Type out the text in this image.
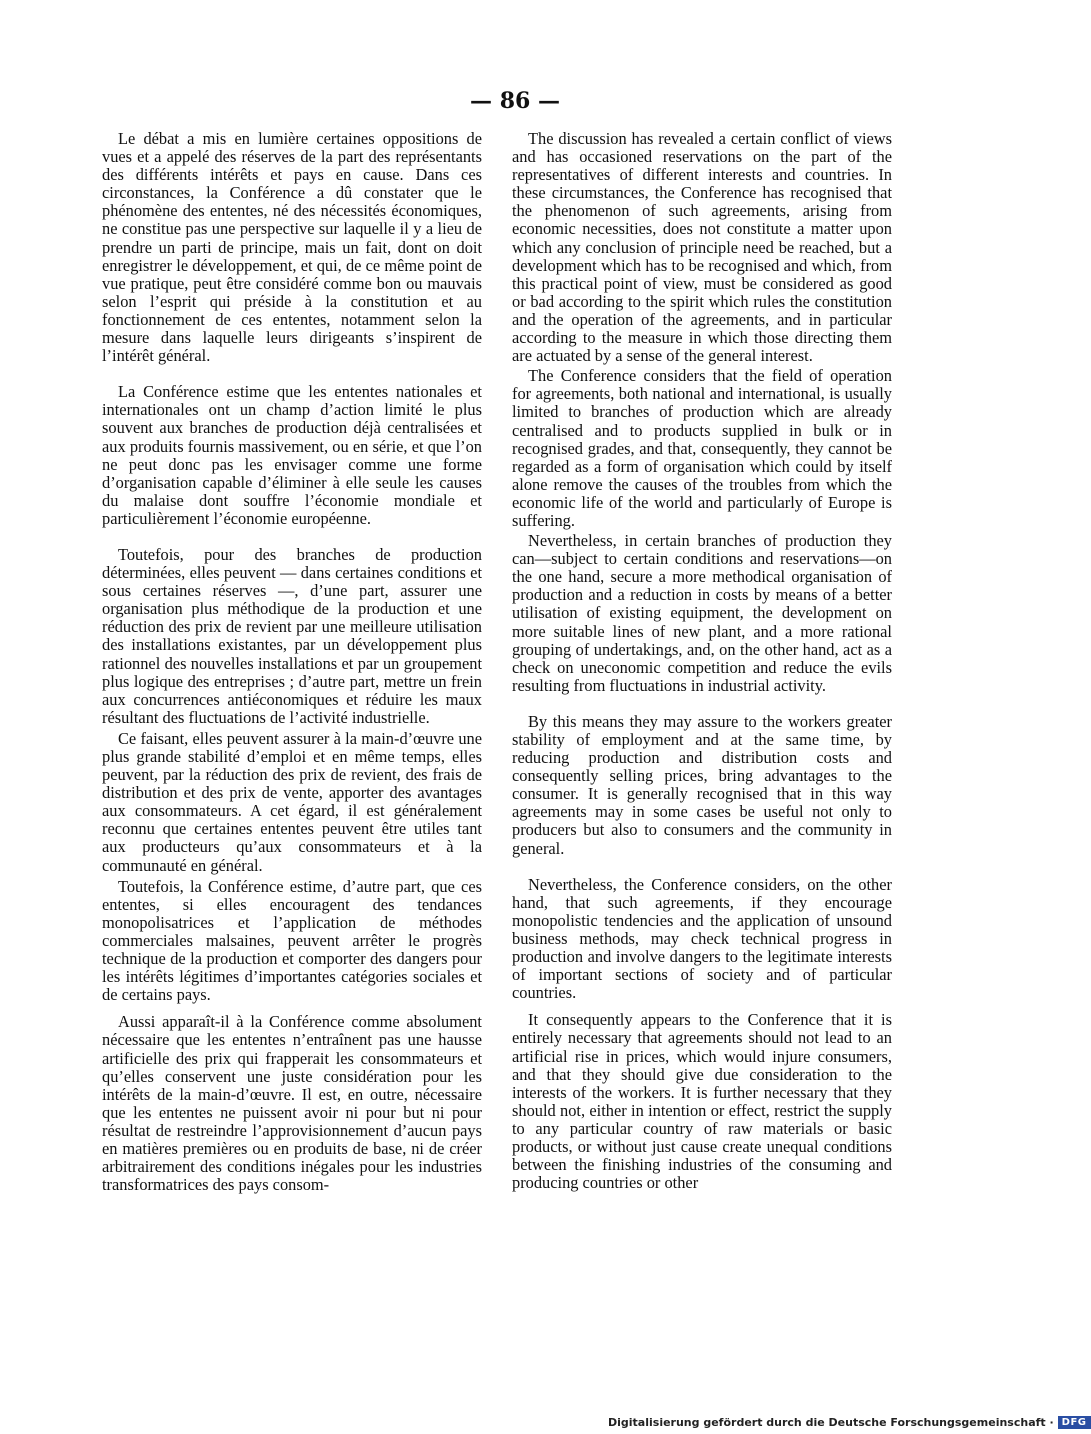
— 86 —

Le débat a mis en lumière certaines oppositions de vues et a appelé des réserves de la part des représentants des différents intérêts et pays en cause. Dans ces circonstances, la Conférence a dû constater que le phénomène des ententes, né des nécessités économiques, ne constitue pas une perspective sur laquelle il y a lieu de prendre un parti de principe, mais un fait, dont on doit enregistrer le développement, et qui, de ce même point de vue pratique, peut être considéré comme bon ou mauvais selon l’esprit qui préside à la constitution et au fonctionnement de ces ententes, notamment selon la mesure dans laquelle leurs dirigeants s’inspirent de l’intérêt général.

La Conférence estime que les ententes nationales et internationales ont un champ d’action limité le plus souvent aux branches de production déjà centralisées et aux produits fournis massivement, ou en série, et que l’on ne peut donc pas les envisager comme une forme d’organisation capable d’éliminer à elle seule les causes du malaise dont souffre l’économie mondiale et particulièrement l’économie européenne.

Toutefois, pour des branches de production déterminées, elles peuvent — dans certaines conditions et sous certaines réserves —, d’une part, assurer une organisation plus méthodique de la production et une réduction des prix de revient par une meilleure utilisation des installations existantes, par un développement plus rationnel des nouvelles installations et par un groupement plus logique des entreprises ; d’autre part, mettre un frein aux concurrences antiéconomiques et réduire les maux résultant des fluctuations de l’activité industrielle.

Ce faisant, elles peuvent assurer à la main-d’œuvre une plus grande stabilité d’emploi et en même temps, elles peuvent, par la réduction des prix de revient, des frais de distribution et des prix de vente, apporter des avantages aux consommateurs. A cet égard, il est généralement reconnu que certaines ententes peuvent être utiles tant aux producteurs qu’aux consommateurs et à la communauté en général.

Toutefois, la Conférence estime, d’autre part, que ces ententes, si elles encouragent des tendances monopolisatrices et l’application de méthodes commerciales malsaines, peuvent arrêter le progrès technique de la production et comporter des dangers pour les intérêts légitimes d’importantes catégories sociales et de certains pays.

Aussi apparaît-il à la Conférence comme absolument nécessaire que les ententes n’entraînent pas une hausse artificielle des prix qui frapperait les consommateurs et qu’elles conservent une juste considération pour les intérêts de la main-d’œuvre. Il est, en outre, nécessaire que les ententes ne puissent avoir ni pour but ni pour résultat de restreindre l’approvisionnement d’aucun pays en matières premières ou en produits de base, ni de créer arbitrairement des conditions inégales pour les industries transformatrices des pays consom-

The discussion has revealed a certain conflict of views and has occasioned reservations on the part of the representatives of different interests and countries. In these circumstances, the Conference has recognised that the phenomenon of such agreements, arising from economic necessities, does not constitute a matter upon which any conclusion of principle need be reached, but a development which has to be recognised and which, from this practical point of view, must be considered as good or bad according to the spirit which rules the constitution and the operation of the agreements, and in particular according to the measure in which those directing them are actuated by a sense of the general interest.

The Conference considers that the field of operation for agreements, both national and international, is usually limited to branches of production which are already centralised and to products supplied in bulk or in recognised grades, and that, consequently, they cannot be regarded as a form of organisation which could by itself alone remove the causes of the troubles from which the economic life of the world and particularly of Europe is suffering.

Nevertheless, in certain branches of production they can—subject to certain conditions and reservations—on the one hand, secure a more methodical organisation of production and a reduction in costs by means of a better utilisation of existing equipment, the development on more suitable lines of new plant, and a more rational grouping of undertakings, and, on the other hand, act as a check on uneconomic competition and reduce the evils resulting from fluctuations in industrial activity.

By this means they may assure to the workers greater stability of employment and at the same time, by reducing production and distribution costs and consequently selling prices, bring advantages to the consumer. It is generally recognised that in this way agreements may in some cases be useful not only to producers but also to consumers and the community in general.

Nevertheless, the Conference considers, on the other hand, that such agreements, if they encourage monopolistic tendencies and the application of unsound business methods, may check technical progress in production and involve dangers to the legitimate interests of important sections of society and of particular countries.

It consequently appears to the Conference that it is entirely necessary that agreements should not lead to an artificial rise in prices, which would injure consumers, and that they should give due consideration to the interests of the workers. It is further necessary that they should not, either in intention or effect, restrict the supply to any particular country of raw materials or basic products, or without just cause create unequal conditions between the finishing industries of the consuming and producing countries or other

Digitalisierung gefördert durch die Deutsche Forschungsgemeinschaft · DFG
